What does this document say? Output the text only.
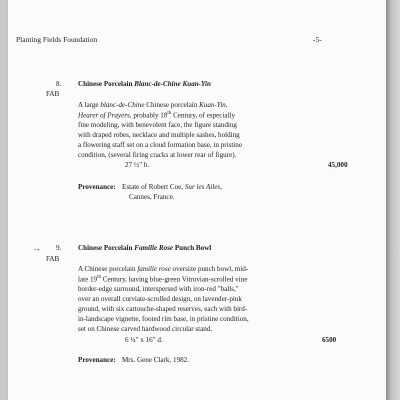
Planting Fields Foundation	-5-
8.
FAB
Chinese Porcelain Blanc-de-Chine Kuan-Yin
A large blanc-de-Chine Chinese porcelain Kuan-Yin,
Hearer of Prayers, probably 18th Century, of especially
fine modeling, with benevolent face, the figure standing
with draped robes, necklace and multiple sashes, holding
a flowering staff set on a cloud formation base, in pristine
condition, (several firing cracks at lower rear of figure).
27 ½" h.	45,000
Provenance: Estate of Robert Coe, Sur les Ailes,
Cannes, France.
→ 9.
FAB
Chinese Porcelain Famille Rose Punch Bowl
A Chinese porcelain famille rose oversize punch bowl, mid-
late 19th Century, having blue-green Vitruvian-scrolled vine
border-edge surround, interspersed with iron-red "balls,"
over an overall curviate-scrolled design, on lavender-pink
ground, with six cartouche-shaped reserves, each with bird-
in-landscape vignette, footed rim base, in pristine condition,
set on Chinese carved hardwood circular stand.
6 ¼" x 16" d.	6500
Provenance: Mrs. Gene Clark, 1982.
